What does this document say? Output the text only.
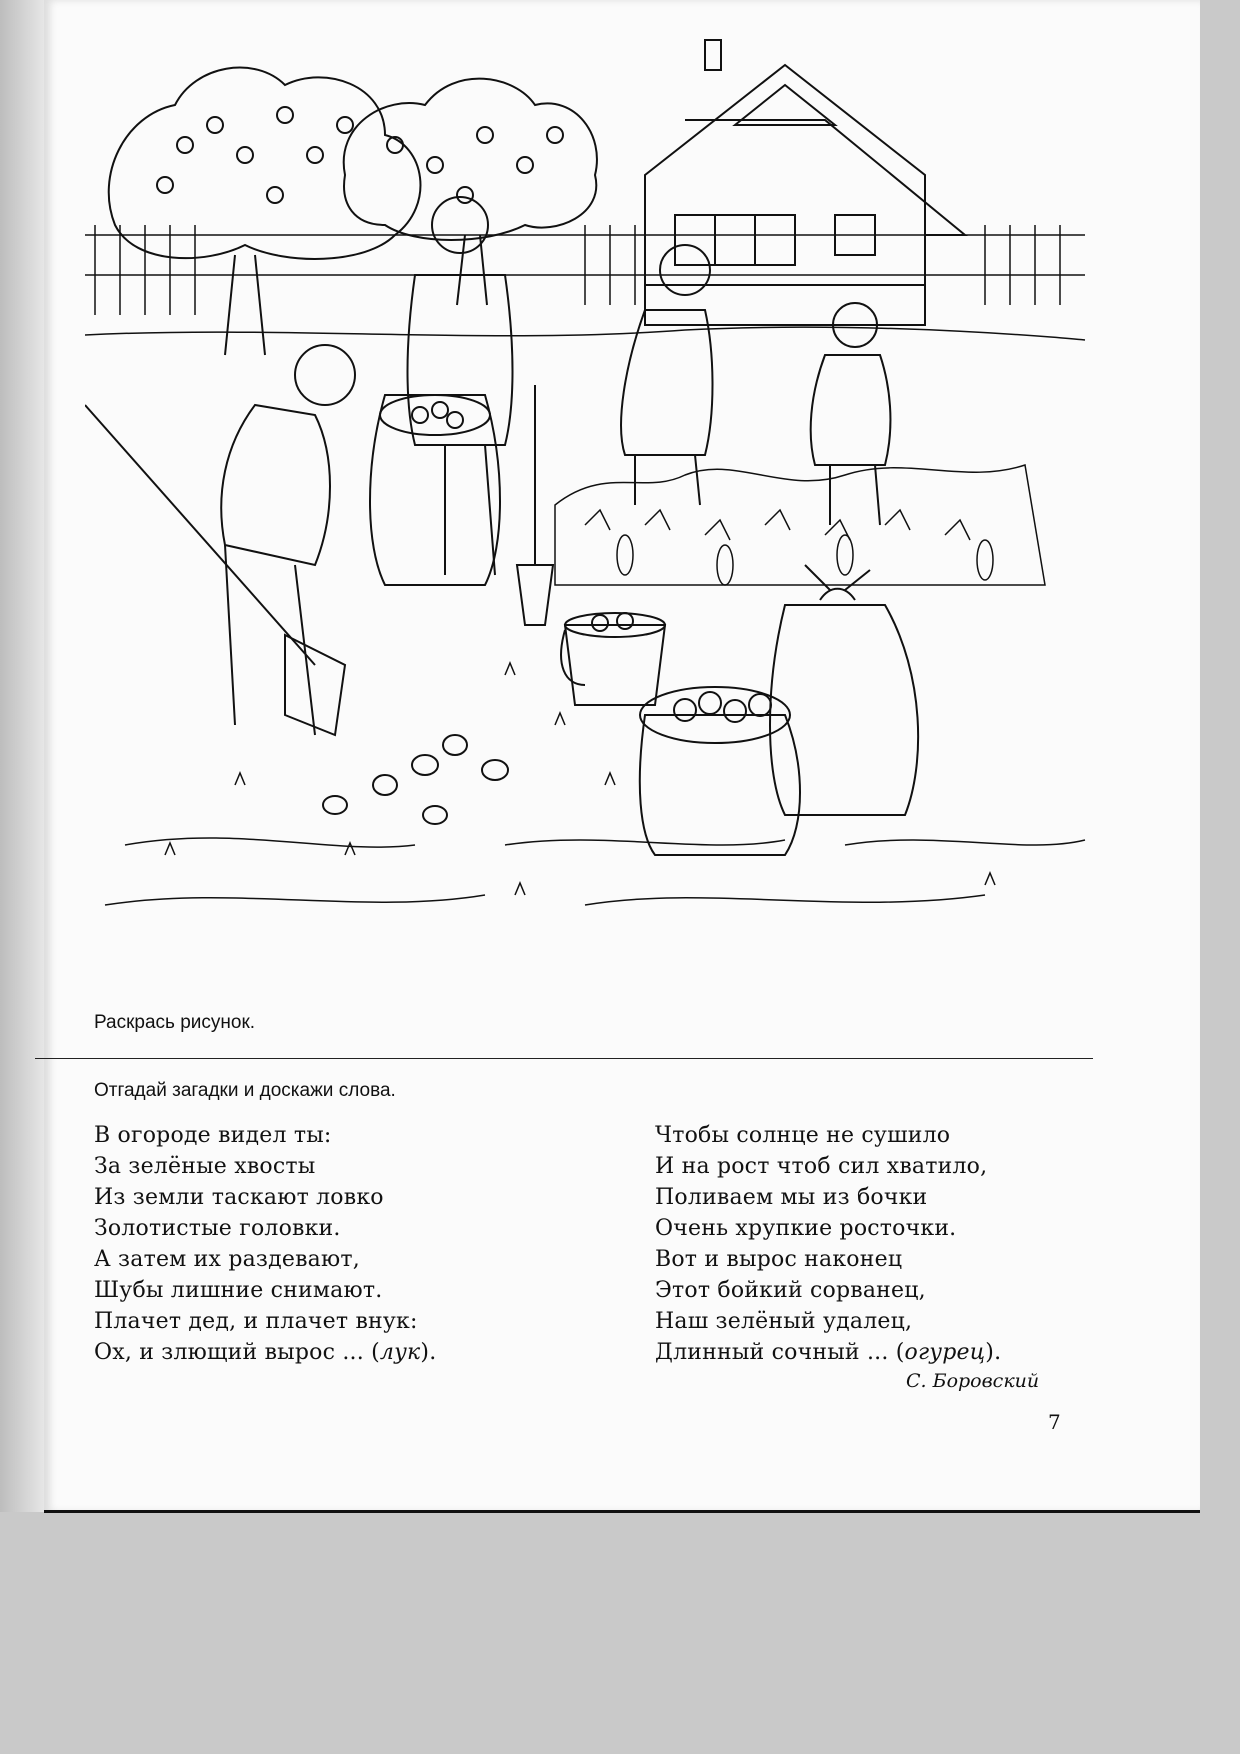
Раскрась рисунок.
Отгадай загадки и доскажи слова.
В огороде видел ты:
За зелёные хвосты
Из земли таскают ловко
Золотистые головки.
А затем их раздевают,
Шубы лишние снимают.
Плачет дед, и плачет внук:
Ох, и злющий вырос ... (лук).
Чтобы солнце не сушило
И на рост чтоб сил хватило,
Поливаем мы из бочки
Очень хрупкие росточки.
Вот и вырос наконец
Этот бойкий сорванец,
Наш зелёный удалец,
Длинный сочный ... (огурец).
С. Боровский
7
